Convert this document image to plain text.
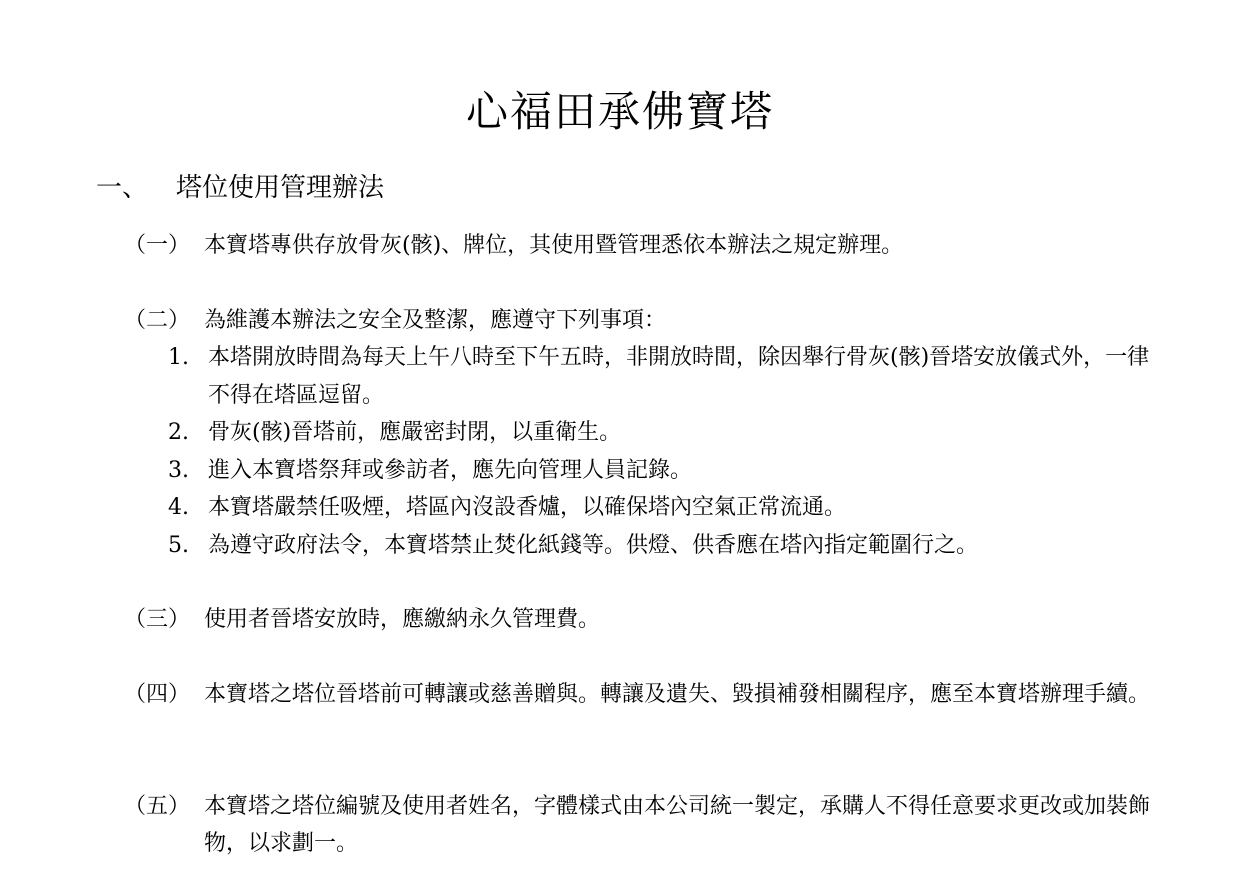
心福田承佛寶塔
一、	塔位使用管理辦法
（一） 本寶塔專供存放骨灰(骸)、牌位，其使用暨管理悉依本辦法之規定辦理。
（二） 為維護本辦法之安全及整潔，應遵守下列事項：
1. 本塔開放時間為每天上午八時至下午五時，非開放時間，除因舉行骨灰(骸)晉塔安放儀式外，一律不得在塔區逗留。
2. 骨灰(骸)晉塔前，應嚴密封閉，以重衛生。
3. 進入本寶塔祭拜或參訪者，應先向管理人員記錄。
4. 本寶塔嚴禁任吸煙，塔區內沒設香爐，以確保塔內空氣正常流通。
5. 為遵守政府法令，本寶塔禁止焚化紙錢等。供燈、供香應在塔內指定範圍行之。
（三） 使用者晉塔安放時，應繳納永久管理費。
（四） 本寶塔之塔位晉塔前可轉讓或慈善贈與。轉讓及遺失、毀損補發相關程序，應至本寶塔辦理手續。
（五） 本寶塔之塔位編號及使用者姓名，字體樣式由本公司統一製定，承購人不得任意要求更改或加裝飾物，以求劃一。
